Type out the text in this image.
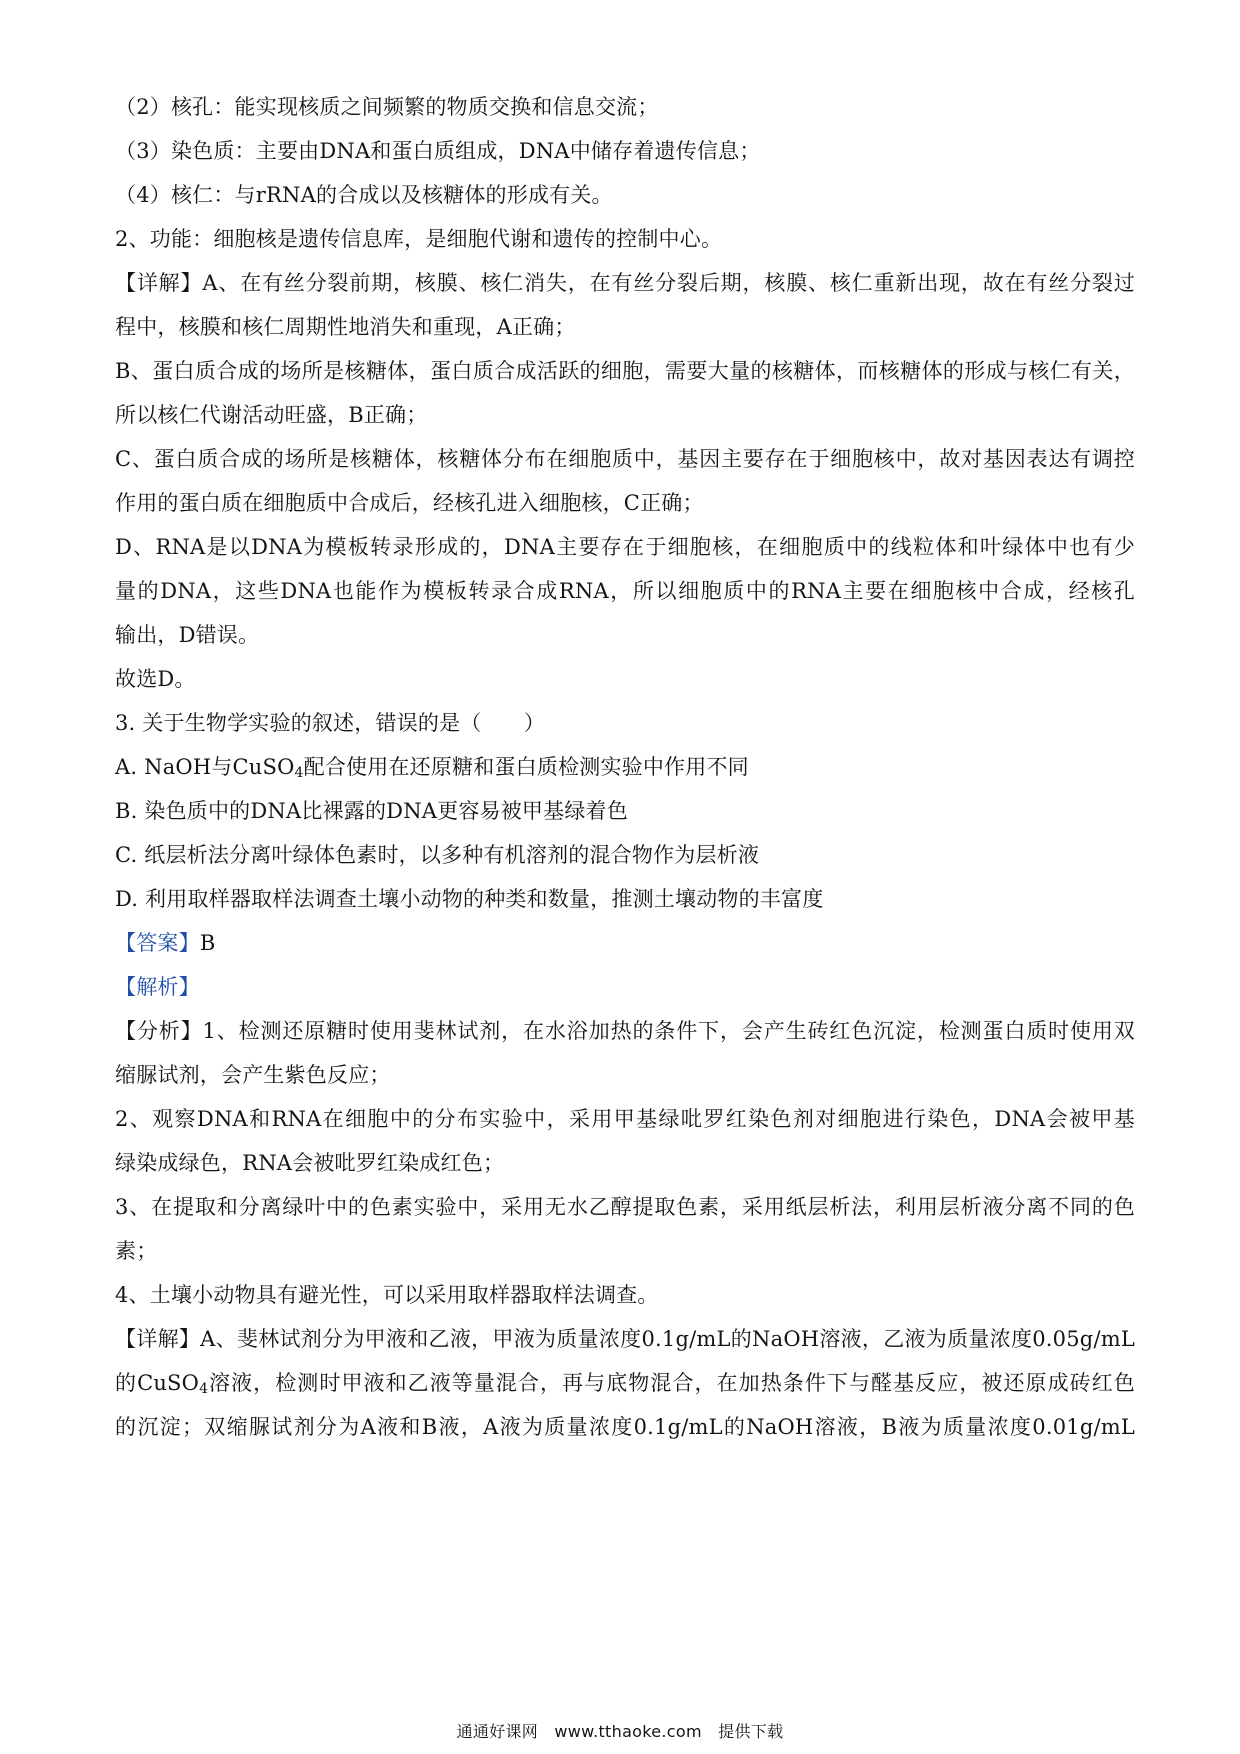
（2）核孔：能实现核质之间频繁的物质交换和信息交流；
（3）染色质：主要由DNA和蛋白质组成，DNA中储存着遗传信息；
（4）核仁：与rRNA的合成以及核糖体的形成有关。
2、功能：细胞核是遗传信息库，是细胞代谢和遗传的控制中心。
【详解】A、在有丝分裂前期，核膜、核仁消失，在有丝分裂后期，核膜、核仁重新出现，故在有丝分裂过
程中，核膜和核仁周期性地消失和重现，A正确；
B、蛋白质合成的场所是核糖体，蛋白质合成活跃的细胞，需要大量的核糖体，而核糖体的形成与核仁有关，
所以核仁代谢活动旺盛，B正确；
C、蛋白质合成的场所是核糖体，核糖体分布在细胞质中，基因主要存在于细胞核中，故对基因表达有调控
作用的蛋白质在细胞质中合成后，经核孔进入细胞核，C正确；
D、RNA是以DNA为模板转录形成的，DNA主要存在于细胞核，在细胞质中的线粒体和叶绿体中也有少
量的DNA，这些DNA也能作为模板转录合成RNA，所以细胞质中的RNA主要在细胞核中合成，经核孔
输出，D错误。
故选D。
3. 关于生物学实验的叙述，错误的是（　　）
A. NaOH与CuSO$_4$配合使用在还原糖和蛋白质检测实验中作用不同
B. 染色质中的DNA比裸露的DNA更容易被甲基绿着色
C. 纸层析法分离叶绿体色素时，以多种有机溶剂的混合物作为层析液
D. 利用取样器取样法调查土壤小动物的种类和数量，推测土壤动物的丰富度
【答案】B
【解析】
【分析】1、检测还原糖时使用斐林试剂，在水浴加热的条件下，会产生砖红色沉淀，检测蛋白质时使用双
缩脲试剂，会产生紫色反应；
2、观察DNA和RNA在细胞中的分布实验中，采用甲基绿吡罗红染色剂对细胞进行染色，DNA会被甲基
绿染成绿色，RNA会被吡罗红染成红色；
3、在提取和分离绿叶中的色素实验中，采用无水乙醇提取色素，采用纸层析法，利用层析液分离不同的色
素；
4、土壤小动物具有避光性，可以采用取样器取样法调查。
【详解】A、斐林试剂分为甲液和乙液，甲液为质量浓度0.1g/mL的NaOH溶液，乙液为质量浓度0.05g/mL
的CuSO$_4$溶液，检测时甲液和乙液等量混合，再与底物混合，在加热条件下与醛基反应，被还原成砖红色
的沉淀；双缩脲试剂分为A液和B液，A液为质量浓度0.1g/mL的NaOH溶液，B液为质量浓度0.01g/mL
通通好课网　www.tthaoke.com　提供下载
